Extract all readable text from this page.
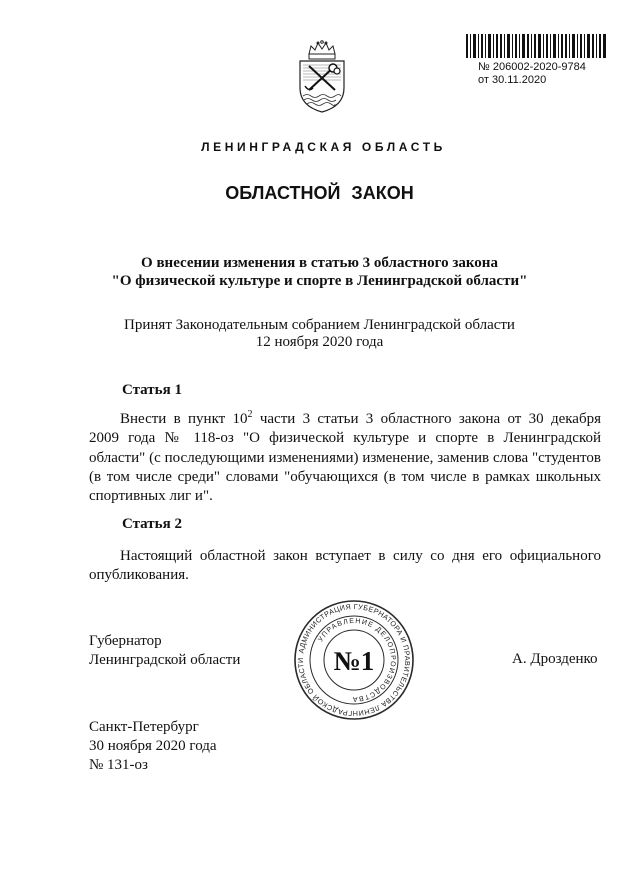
№ 206002-2020-9784
от 30.11.2020
ЛЕНИНГРАДСКАЯ ОБЛАСТЬ
ОБЛАСТНОЙ ЗАКОН
О внесении изменения в статью 3 областного закона
"О физической культуре и спорте в Ленинградской области"
Принят Законодательным собранием Ленинградской области
12 ноября 2020 года
Статья 1
Внести в пункт $10^2$ части 3 статьи 3 областного закона от 30 декабря
2009 года № 118-оз "О физической культуре и спорте в Ленинградской
области" (с последующими изменениями) изменение, заменив слова "студентов
(в том числе среди" словами "обучающихся (в том числе в рамках школьных
спортивных лиг и".
Статья 2
Настоящий областной закон вступает в силу со дня его официального
опубликования.
Губернатор
Ленинградской области	А. Дрозденко
АДМИНИСТРАЦИЯ ГУБЕРНАТОРА И ПРАВИТЕЛЬСТВА ЛЕНИНГРАДСКОЙ ОБЛАСТИ
УПРАВЛЕНИЕ ДЕЛОПРОИЗВОДСТВА
№1
Санкт-Петербург
30 ноября 2020 года
№ 131-оз
